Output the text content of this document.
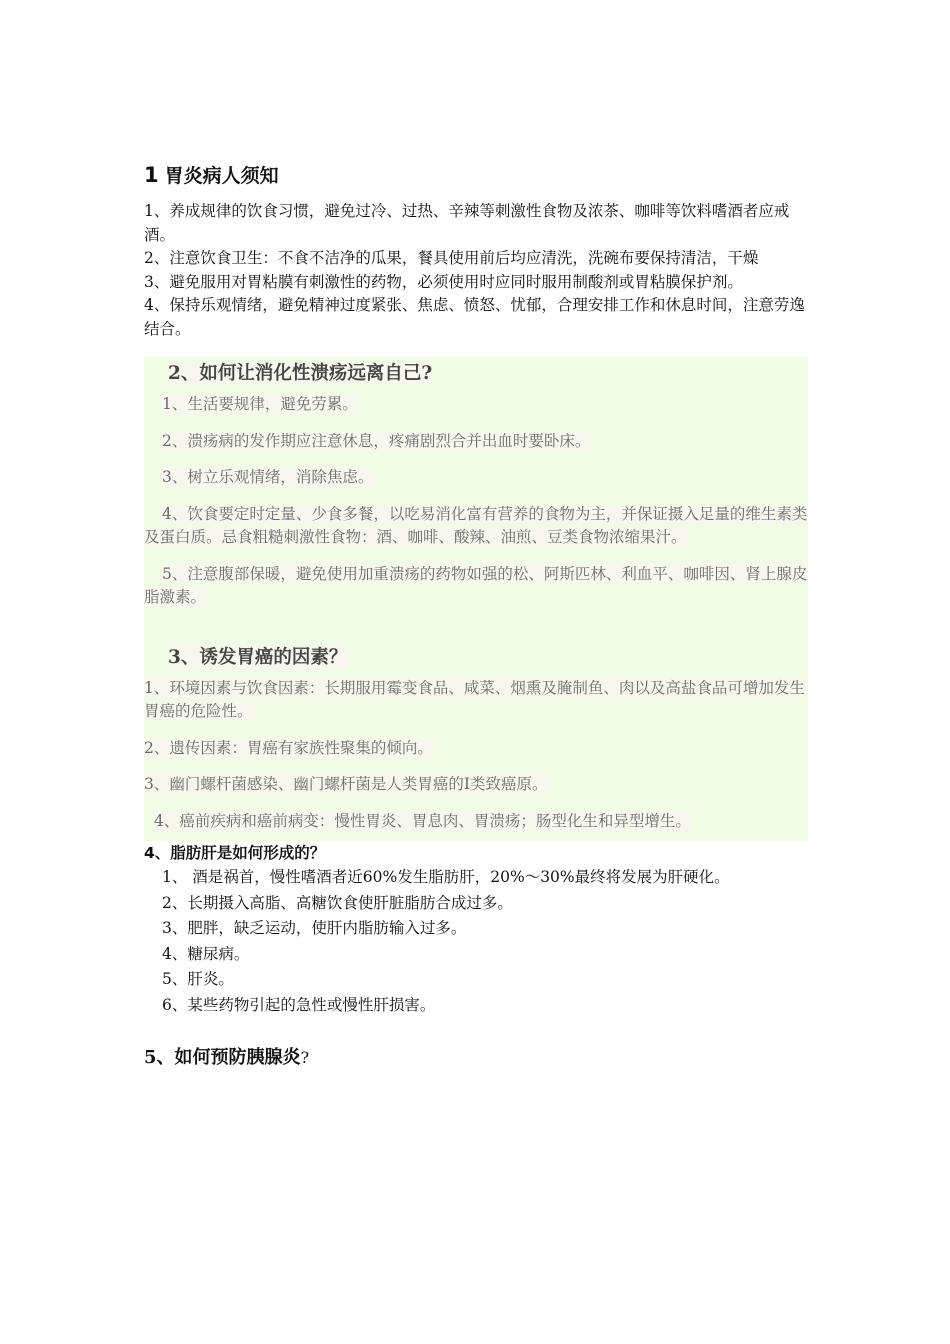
1 胃炎病人须知

1、养成规律的饮食习惯，避免过冷、过热、辛辣等刺激性食物及浓茶、咖啡等饮料嗜酒者应戒酒。

2、注意饮食卫生：不食不洁净的瓜果，餐具使用前后均应清洗，洗碗布要保持清洁，干燥

3、避免服用对胃粘膜有刺激性的药物，必须使用时应同时服用制酸剂或胃粘膜保护剂。

4、保持乐观情绪，避免精神过度紧张、焦虑、愤怒、忧郁，合理安排工作和休息时间，注意劳逸结合。

2、如何让消化性溃疡远离自己?

1、生活要规律，避免劳累。

2、溃疡病的发作期应注意休息，疼痛剧烈合并出血时要卧床。

3、树立乐观情绪，消除焦虑。

4、饮食要定时定量、少食多餐，以吃易消化富有营养的食物为主，并保证摄入足量的维生素类及蛋白质。忌食粗糙刺激性食物：酒、咖啡、酸辣、油煎、豆类食物浓缩果汁。

5、注意腹部保暖，避免使用加重溃疡的药物如强的松、阿斯匹林、利血平、咖啡因、肾上腺皮脂激素。

3、诱发胃癌的因素？

1、环境因素与饮食因素：长期服用霉变食品、咸菜、烟熏及腌制鱼、肉以及高盐食品可增加发生胃癌的危险性。

2、遗传因素：胃癌有家族性聚集的倾向。

3、幽门螺杆菌感染、幽门螺杆菌是人类胃癌的Ⅰ类致癌原。

4、癌前疾病和癌前病变：慢性胃炎、胃息肉、胃溃疡；肠型化生和异型增生。

4、脂肪肝是如何形成的？

1、 酒是祸首，慢性嗜酒者近60%发生脂肪肝，20%～30%最终将发展为肝硬化。

2、长期摄入高脂、高糖饮食使肝脏脂肪合成过多。

3、肥胖，缺乏运动，使肝内脂肪输入过多。

4、糖尿病。

5、肝炎。

6、某些药物引起的急性或慢性肝损害。

5、如何预防胰腺炎?
